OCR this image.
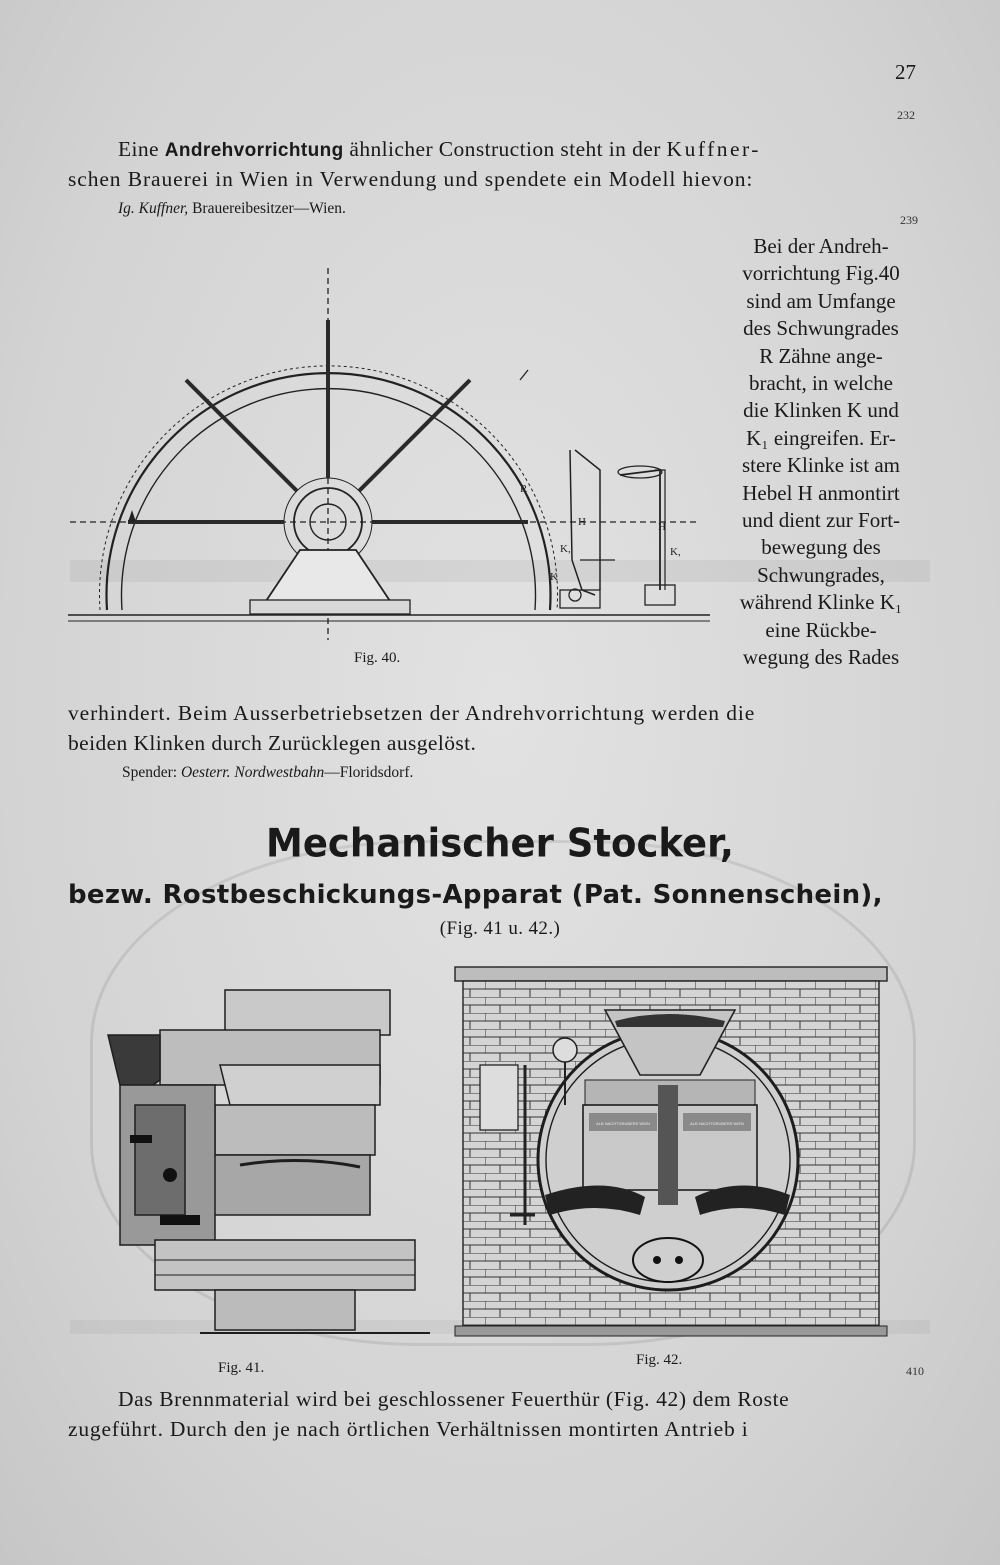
27
232
Eine Andrehvorrichtung ähnlicher Construction steht in der Kuffner-
schen Brauerei in Wien in Verwendung und spendete ein Modell hievon:
Ig. Kuffner, Brauereibesitzer—Wien.
239
Bei der Andreh-
vorrichtung Fig.40
sind am Umfange
des Schwungrades
R Zähne ange-
bracht, in welche
die Klinken K und
K₁ eingreifen. Er-
stere Klinke ist am
Hebel H anmontirt
und dient zur Fort-
bewegung des
Schwungrades,
während Klinke K₁
eine Rückbe-
wegung des Rades
R
H
K,
K
H
K,
Fig. 40.
verhindert. Beim Ausserbetriebsetzen der Andrehvorrichtung werden die
beiden Klinken durch Zurücklegen ausgelöst.
Spender: Oesterr. Nordwestbahn—Floridsdorf.
Mechanischer Stocker,
bezw. Rostbeschickungs-Apparat (Pat. Sonnenschein),
(Fig. 41 u. 42.)
Fig. 41.
ALB NACHTGRUBERS WIEN	ALB NACHTGRUBERS WIEN
Fig. 42.
410
Das Brennmaterial wird bei geschlossener Feuerthür (Fig. 42) dem Roste
zugeführt. Durch den je nach örtlichen Verhältnissen montirten Antrieb i
